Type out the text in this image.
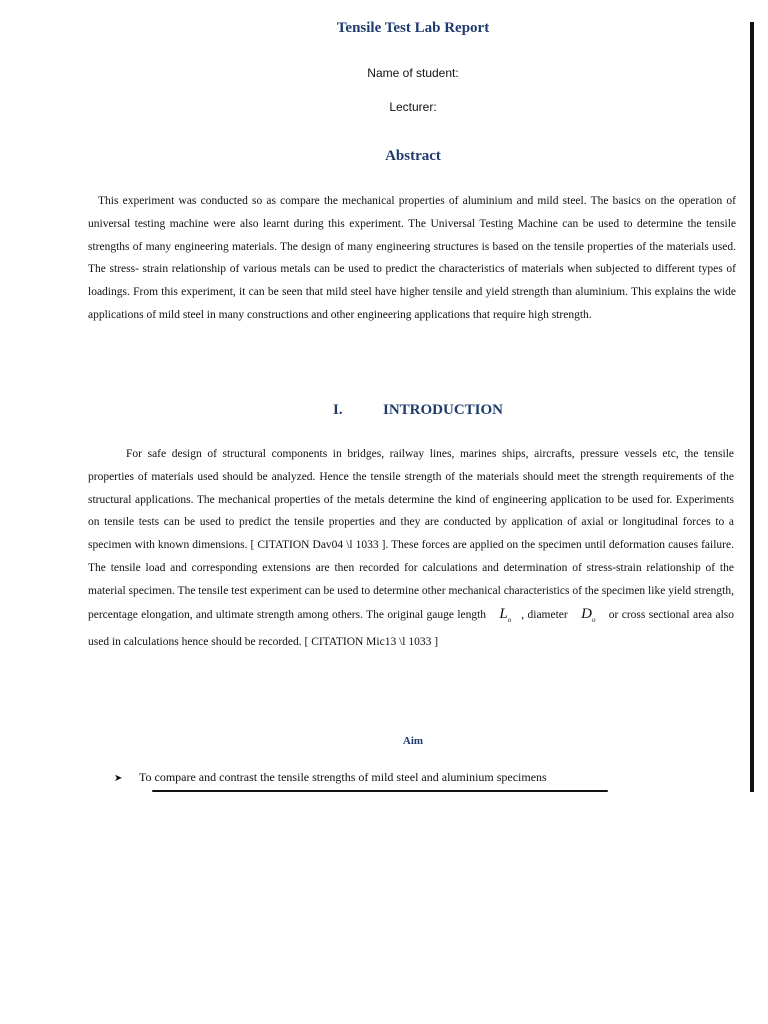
Tensile Test Lab Report
Name of student:
Lecturer:
Abstract
This experiment was conducted so as compare the mechanical properties of aluminium and mild steel. The basics on the operation of universal testing machine were also learnt during this experiment. The Universal Testing Machine can be used to determine the tensile strengths of many engineering materials. The design of many engineering structures is based on the tensile properties of the materials used. The stress- strain relationship of various metals can be used to predict the characteristics of materials when subjected to different types of loadings. From this experiment, it can be seen that mild steel have higher tensile and yield strength than aluminium. This explains the wide applications of mild steel in many constructions and other engineering applications that require high strength.
I.	INTRODUCTION
For safe design of structural components in bridges, railway lines, marines ships, aircrafts, pressure vessels etc, the tensile properties of materials used should be analyzed. Hence the tensile strength of the materials should meet the strength requirements of the structural applications. The mechanical properties of the metals determine the kind of engineering application to be used for. Experiments on tensile tests can be used to predict the tensile properties and they are conducted by application of axial or longitudinal forces to a specimen with known dimensions. [ CITATION Dav04 \l 1033 ]. These forces are applied on the specimen until deformation causes failure. The tensile load and corresponding extensions are then recorded for calculations and determination of stress-strain relationship of the material specimen. The tensile test experiment can be used to determine other mechanical characteristics of the specimen like yield strength, percentage elongation, and ultimate strength among others. The original gauge length $L_o$ , diameter $D_o$ or cross sectional area also used in calculations hence should be recorded. [ CITATION Mic13 \l 1033 ]
Aim
➤ To compare and contrast the tensile strengths of mild steel and aluminium specimens
